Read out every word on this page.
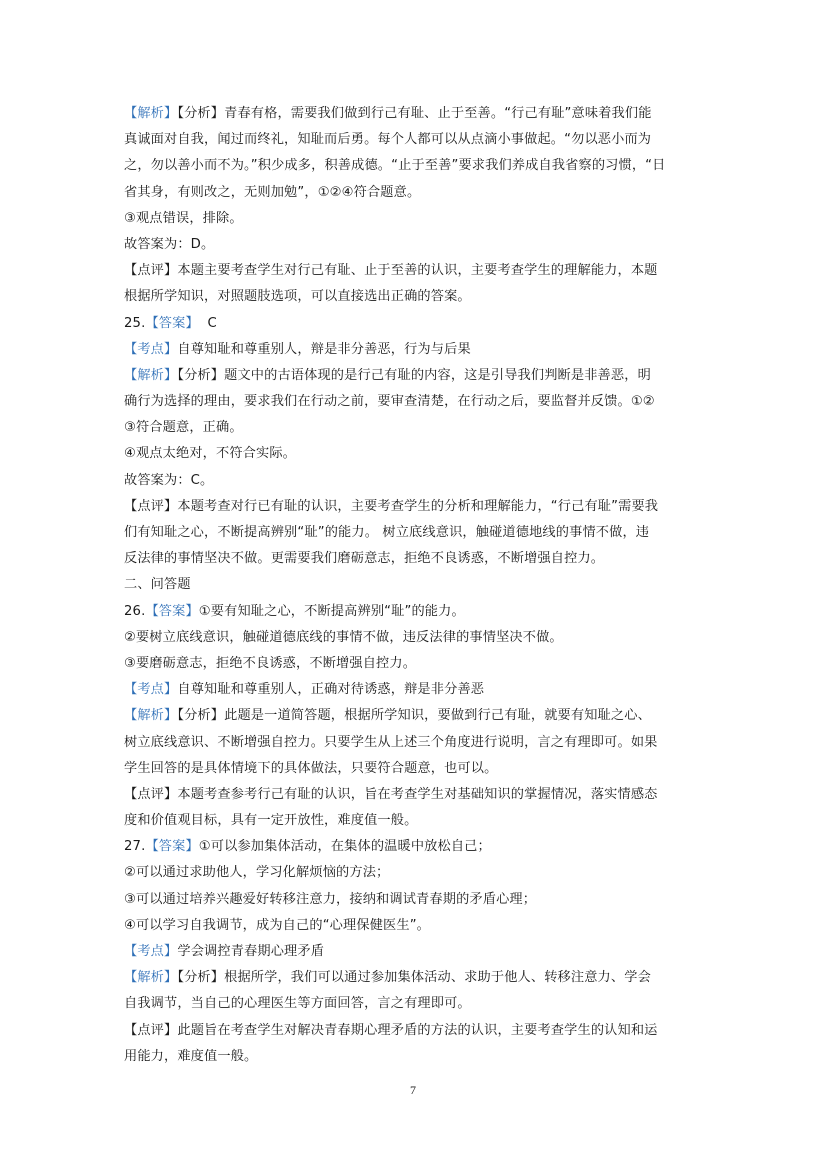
【解析】【分析】青春有格，需要我们做到行己有耻、止于至善。“行己有耻”意味着我们能
真诚面对自我，闻过而终礼，知耻而后勇。每个人都可以从点滴小事做起。“勿以恶小而为
之，勿以善小而不为。”积少成多，积善成德。“止于至善”要求我们养成自我省察的习惯，“日
省其身，有则改之，无则加勉”，①②④符合题意。
③观点错误，排除。
故答案为：D。
【点评】本题主要考查学生对行己有耻、止于至善的认识，主要考查学生的理解能力，本题
根据所学知识，对照题肢选项，可以直接选出正确的答案。
25.【答案】 C
【考点】自尊知耻和尊重别人，辩是非分善恶，行为与后果
【解析】【分析】题文中的古语体现的是行己有耻的内容，这是引导我们判断是非善恶，明
确行为选择的理由，要求我们在行动之前，要审查清楚，在行动之后，要监督并反馈。①②
③符合题意，正确。
④观点太绝对，不符合实际。
故答案为：C。
【点评】本题考查对行已有耻的认识，主要考查学生的分析和理解能力，“行己有耻”需要我
们有知耻之心，不断提高辨别“耻”的能力。 树立底线意识，触碰道德地线的事情不做，违
反法律的事情坚决不做。更需要我们磨砺意志，拒绝不良诱惑，不断增强自控力。
二、问答题
26.【答案】①要有知耻之心，不断提高辨别“耻”的能力。
②要树立底线意识，触碰道德底线的事情不做，违反法律的事情坚决不做。
③要磨砺意志，拒绝不良诱惑，不断增强自控力。
【考点】自尊知耻和尊重别人，正确对待诱惑，辩是非分善恶
【解析】【分析】此题是一道简答题，根据所学知识，要做到行己有耻，就要有知耻之心、
树立底线意识、不断增强自控力。只要学生从上述三个角度进行说明，言之有理即可。如果
学生回答的是具体情境下的具体做法，只要符合题意，也可以。
【点评】本题考查参考行己有耻的认识，旨在考查学生对基础知识的掌握情况，落实情感态
度和价值观目标，具有一定开放性，难度值一般。
27.【答案】①可以参加集体活动，在集体的温暖中放松自己；
②可以通过求助他人，学习化解烦恼的方法；
③可以通过培养兴趣爱好转移注意力，接纳和调试青春期的矛盾心理；
④可以学习自我调节，成为自己的“心理保健医生”。
【考点】学会调控青春期心理矛盾
【解析】【分析】根据所学，我们可以通过参加集体活动、求助于他人、转移注意力、学会
自我调节，当自己的心理医生等方面回答，言之有理即可。
【点评】此题旨在考查学生对解决青春期心理矛盾的方法的认识，主要考查学生的认知和运
用能力，难度值一般。
7
